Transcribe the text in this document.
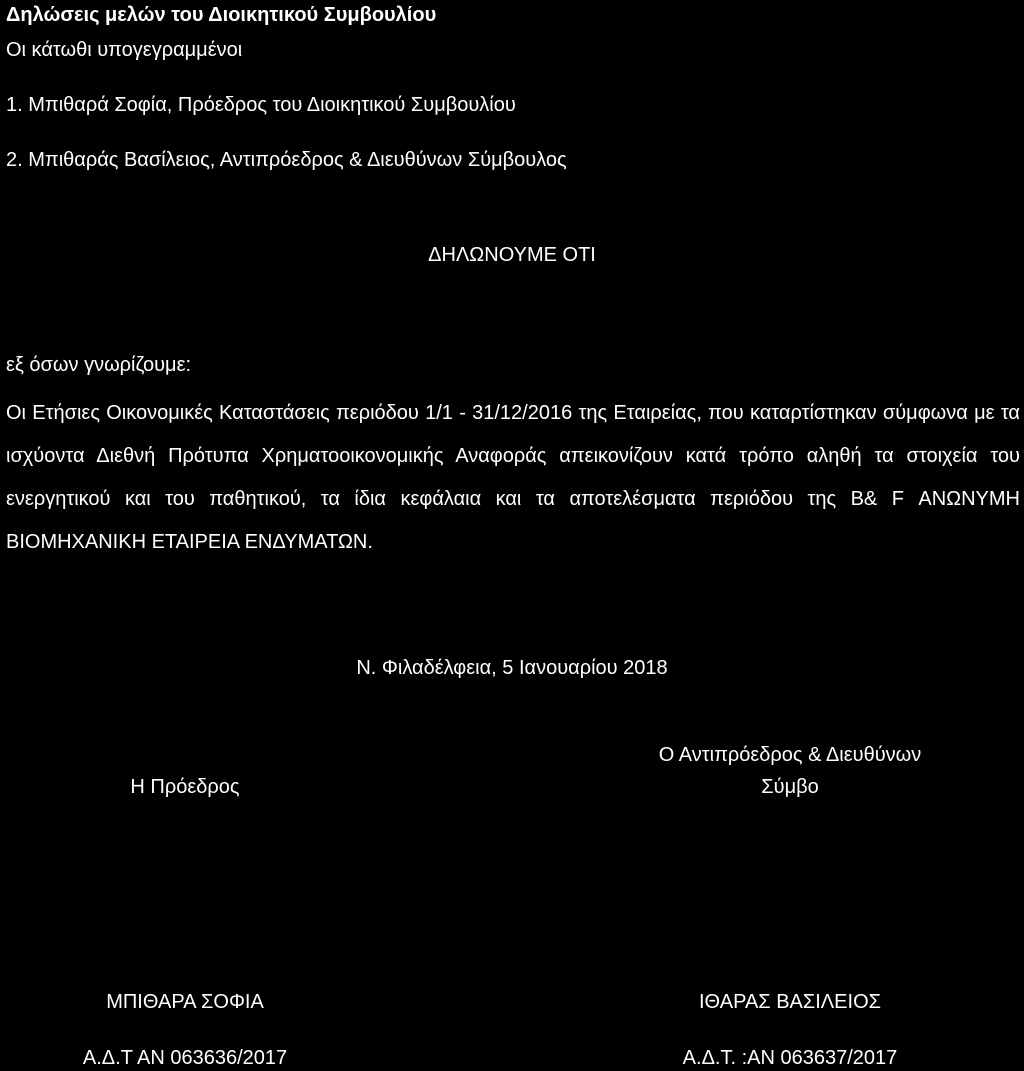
Δηλώσεις μελών του Διοικητικού Συμβουλίου
Οι κάτωθι υπογεγραμμένοι
1. Μπιθαρά Σοφία, Πρόεδρος του Διοικητικού Συμβουλίου
2. Μπιθαράς Βασίλειος, Αντιπρόεδρος & Διευθύνων Σύμβουλος
ΔΗΛΩΝΟΥΜΕ ΟΤΙ
εξ όσων γνωρίζουμε:

Οι Ετήσιες Οικονομικές Καταστάσεις περιόδου 1/1 - 31/12/2016 της Εταιρείας, που καταρτίστηκαν σύμφωνα με τα ισχύοντα Διεθνή Πρότυπα Χρηματοοικονομικής Αναφοράς απεικονίζουν κατά τρόπο αληθή τα στοιχεία του ενεργητικού και του παθητικού, τα ίδια κεφάλαια και τα αποτελέσματα περιόδου της B& F ΑΝΩΝΥΜΗ ΒΙΟΜΗΧΑΝΙΚΗ ΕΤΑΙΡΕΙΑ ΕΝΔΥΜΑΤΩΝ.

Ν. Φιλαδέλφεια, 5 Ιανουαρίου 2018
Η Πρόεδρος
ΜΠΙΘΑΡΑ ΣΟΦΙΑ
Α.Δ.Τ ΑΝ 063636/2017
Ο Αντιπρόεδρος & Διευθύνων
Σύμβο
ΙΘΑΡΑΣ ΒΑΣΙΛΕΙΟΣ
Α.Δ.Τ. :ΑΝ 063637/2017
